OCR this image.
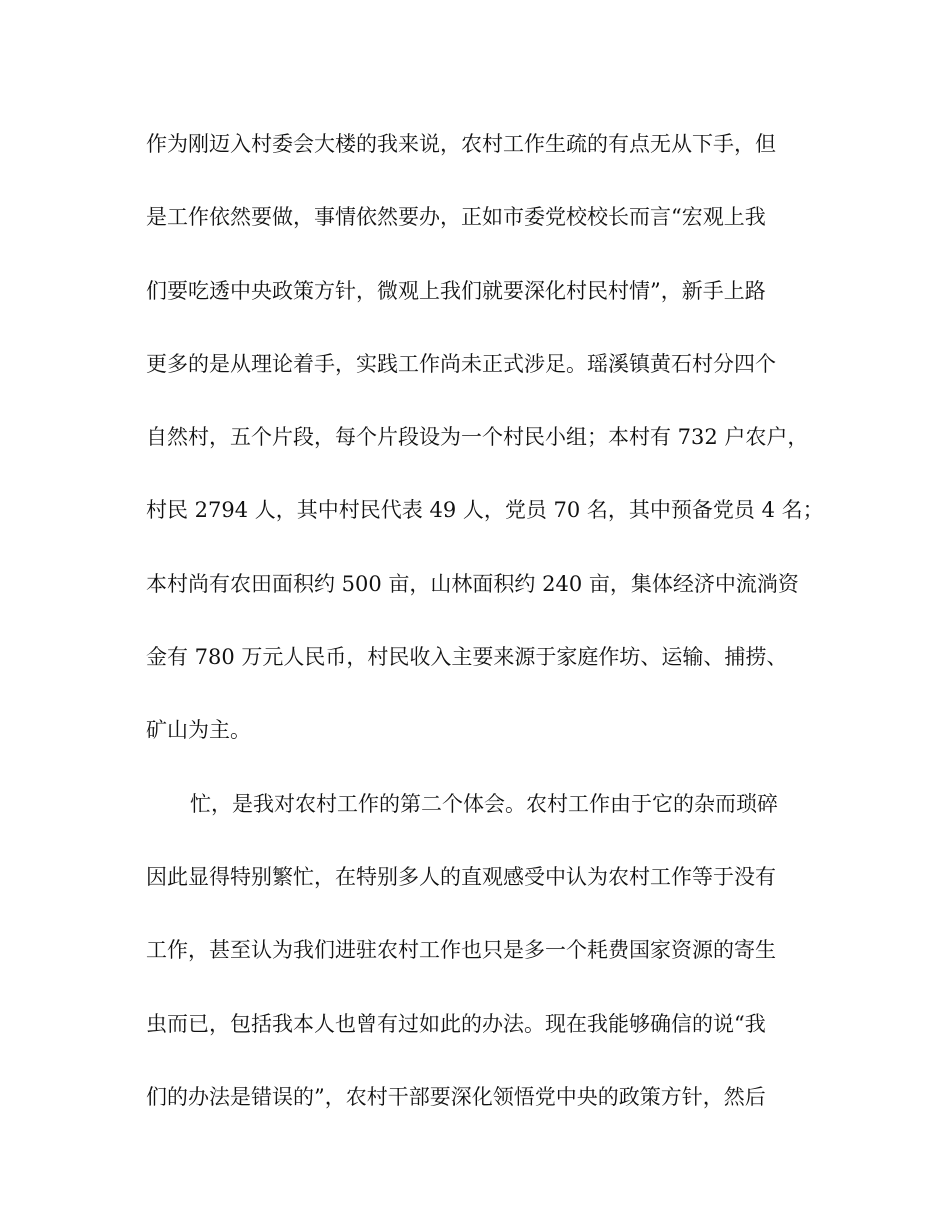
作为刚迈入村委会大楼的我来说，农村工作生疏的有点无从下手，但
是工作依然要做，事情依然要办，正如市委党校校长而言“宏观上我
们要吃透中央政策方针，微观上我们就要深化村民村情”，新手上路
更多的是从理论着手，实践工作尚未正式涉足。瑶溪镇黄石村分四个
自然村，五个片段，每个片段设为一个村民小组；本村有 732 户农户，
村民 2794 人，其中村民代表 49 人，党员 70 名，其中预备党员 4 名；
本村尚有农田面积约 500 亩，山林面积约 240 亩，集体经济中流淌资
金有 780 万元人民币，村民收入主要来源于家庭作坊、运输、捕捞、
矿山为主。
忙，是我对农村工作的第二个体会。农村工作由于它的杂而琐碎
因此显得特别繁忙，在特别多人的直观感受中认为农村工作等于没有
工作，甚至认为我们进驻农村工作也只是多一个耗费国家资源的寄生
虫而已，包括我本人也曾有过如此的办法。现在我能够确信的说“我
们的办法是错误的”，农村干部要深化领悟党中央的政策方针，然后
